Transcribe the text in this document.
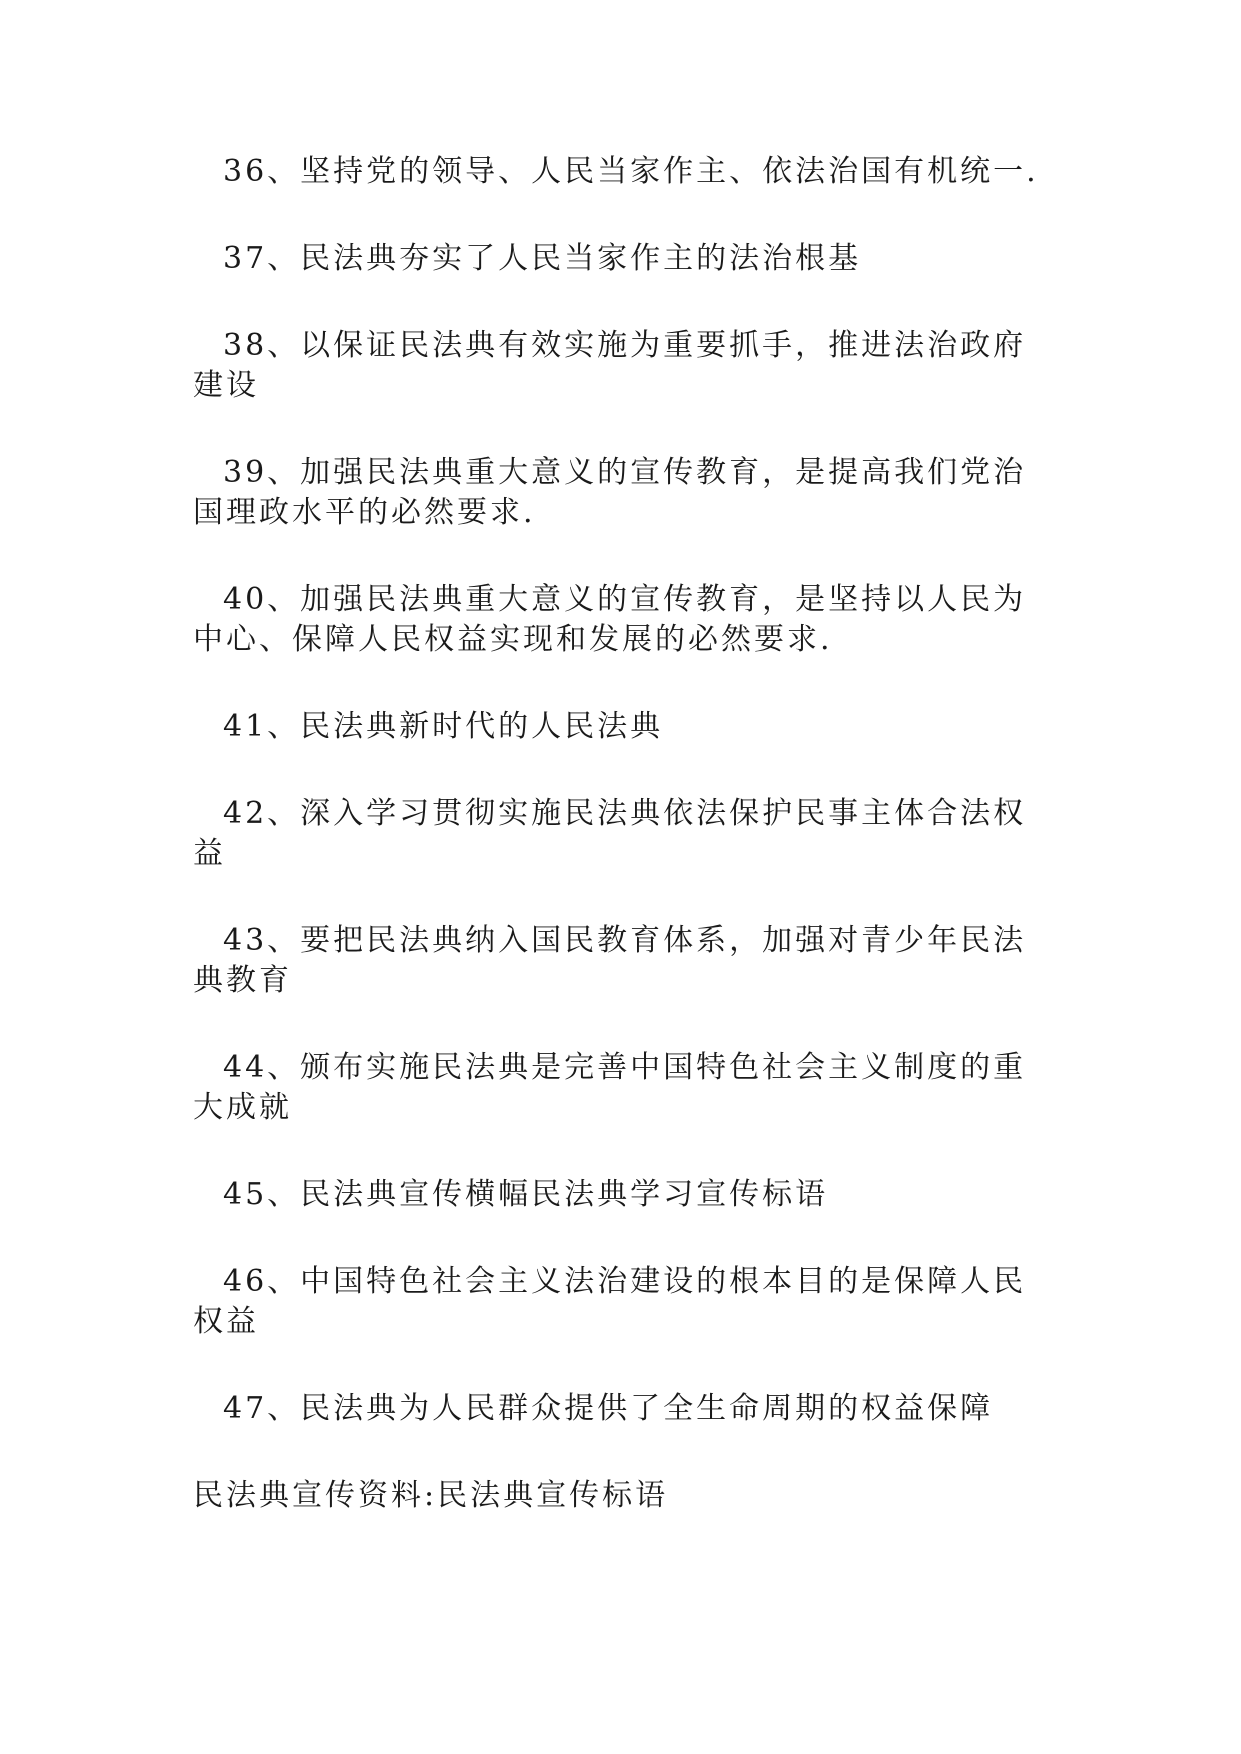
36、坚持党的领导、人民当家作主、依法治国有机统一.

37、民法典夯实了人民当家作主的法治根基

38、以保证民法典有效实施为重要抓手，推进法治政府建设

39、加强民法典重大意义的宣传教育，是提高我们党治国理政水平的必然要求.

40、加强民法典重大意义的宣传教育，是坚持以人民为中心、保障人民权益实现和发展的必然要求.

41、民法典新时代的人民法典

42、深入学习贯彻实施民法典依法保护民事主体合法权益

43、要把民法典纳入国民教育体系，加强对青少年民法典教育

44、颁布实施民法典是完善中国特色社会主义制度的重大成就

45、民法典宣传横幅民法典学习宣传标语

46、中国特色社会主义法治建设的根本目的是保障人民权益

47、民法典为人民群众提供了全生命周期的权益保障

民法典宣传资料:民法典宣传标语
